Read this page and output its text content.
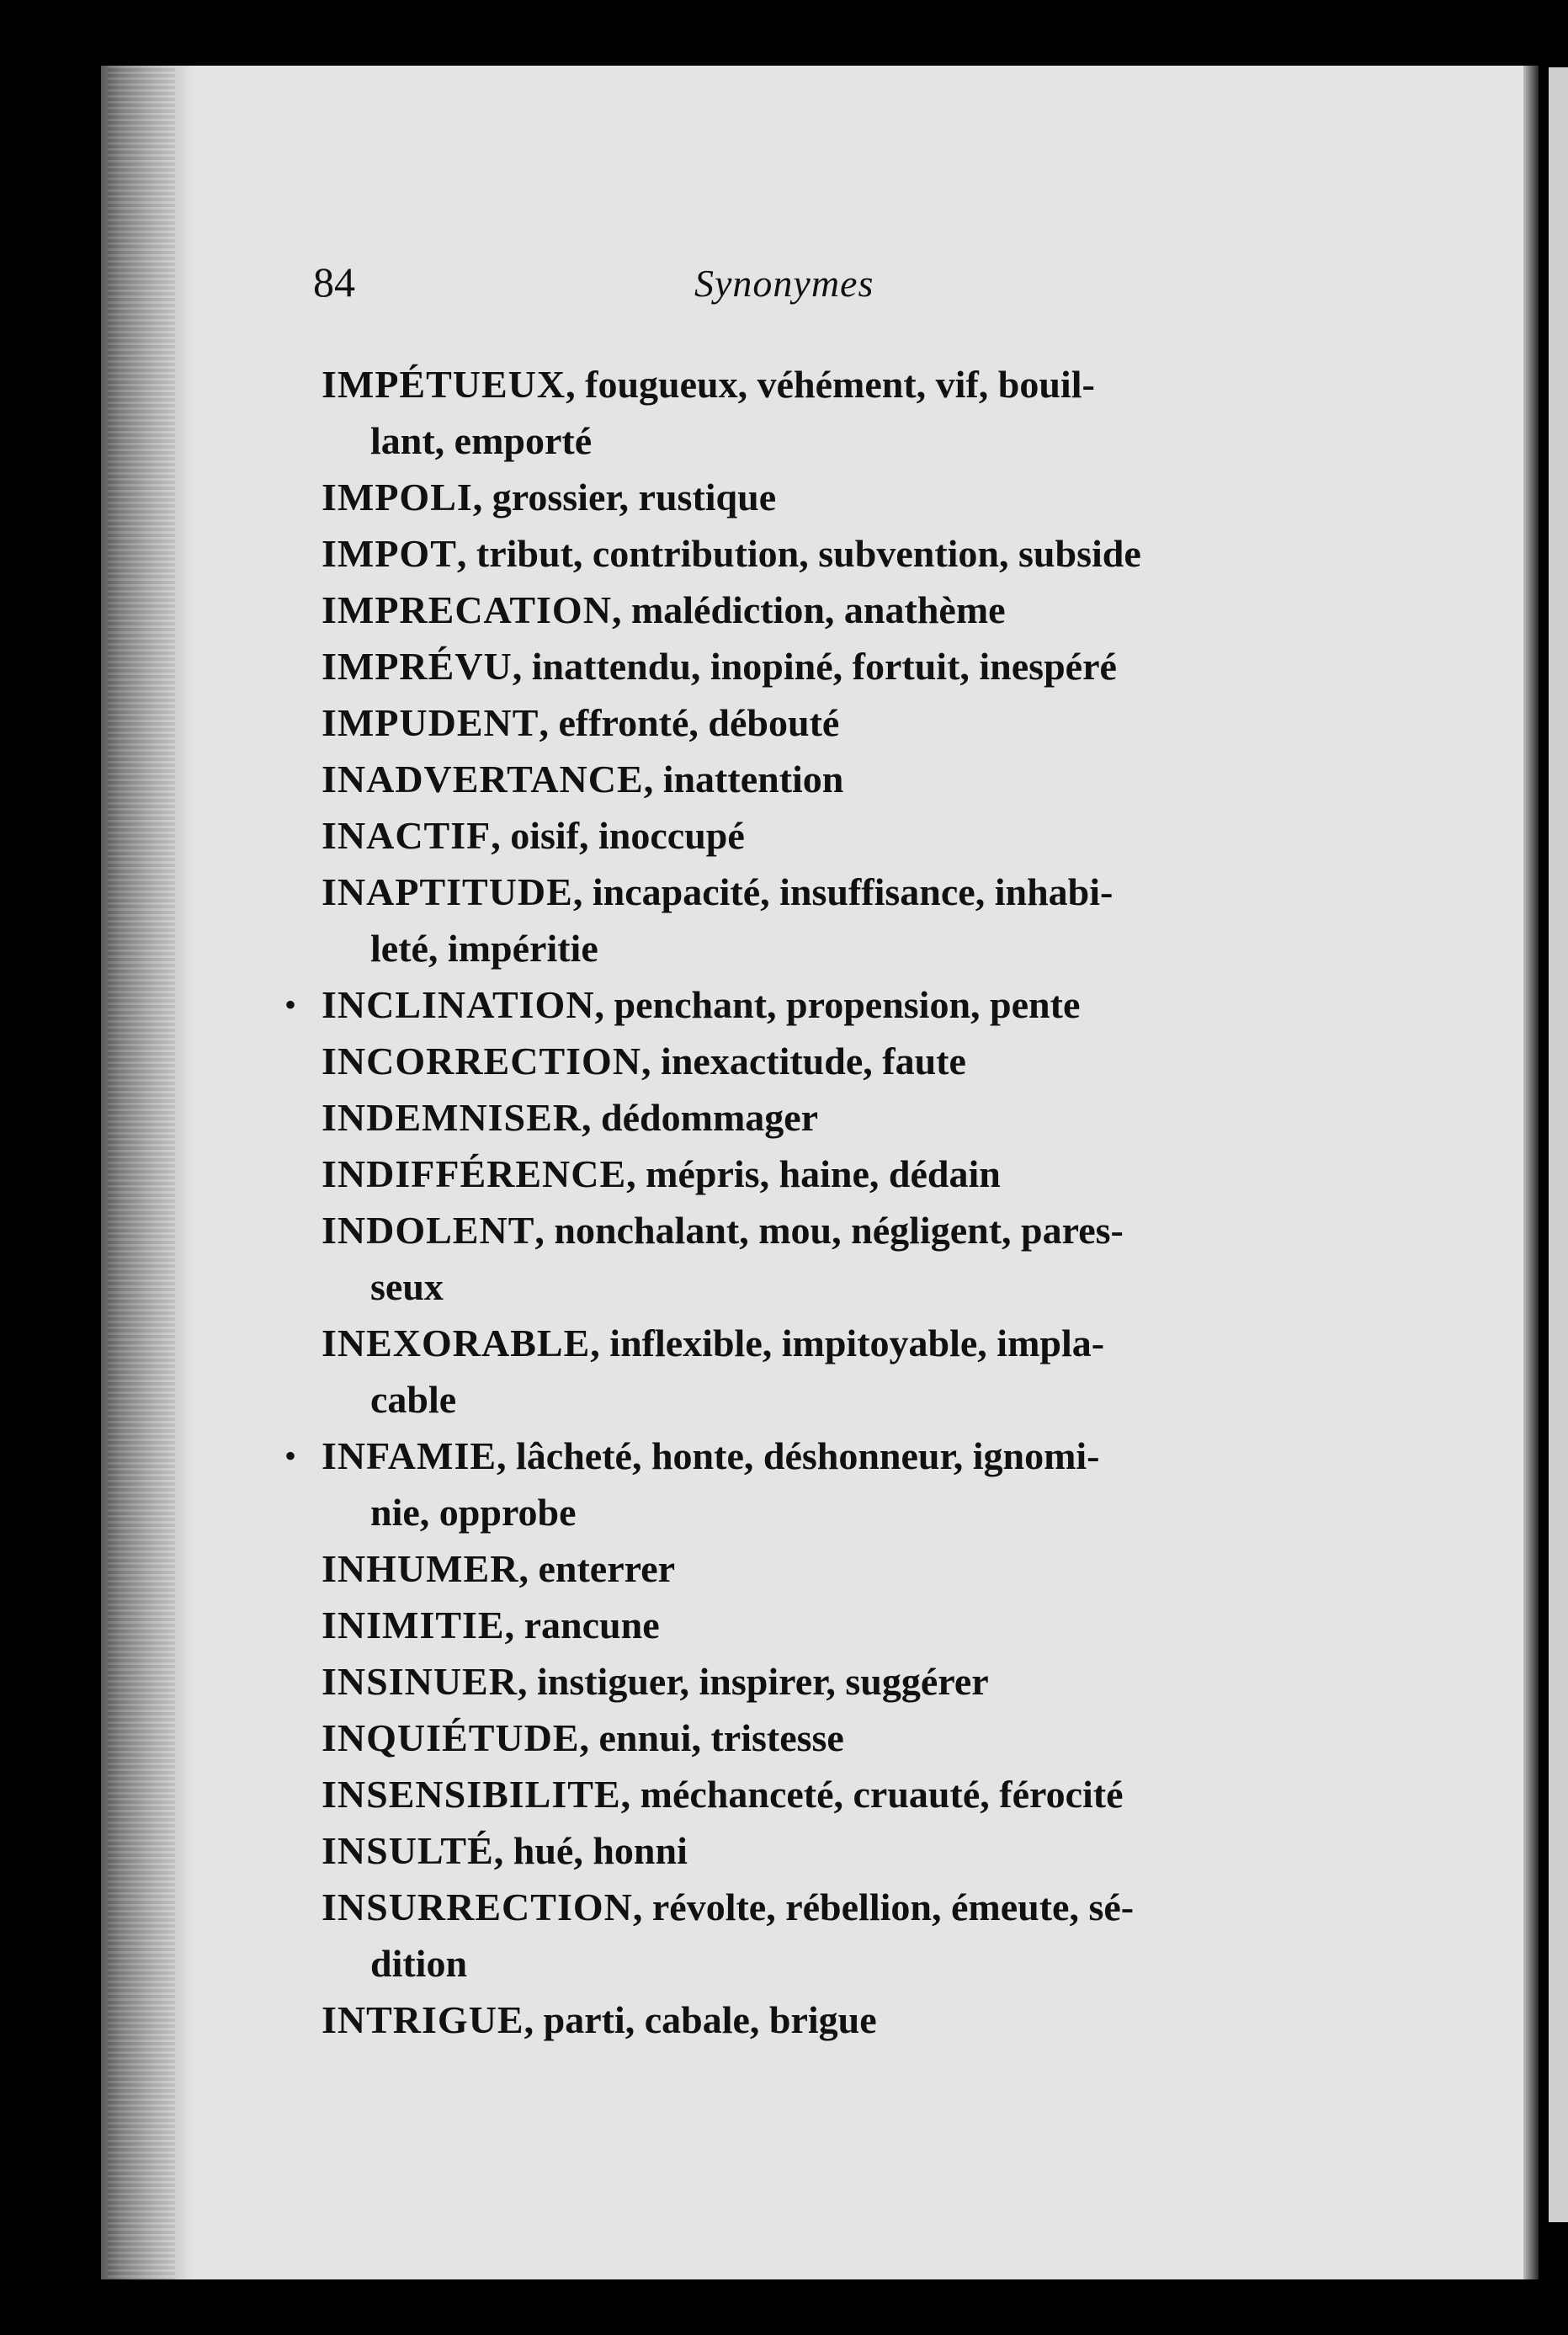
84	Synonymes
IMPÉTUEUX, fougueux, véhément, vif, bouil-
lant, emporté
IMPOLI, grossier, rustique
IMPOT, tribut, contribution, subvention, subside
IMPRECATION, malédiction, anathème
IMPRÉVU, inattendu, inopiné, fortuit, inespéré
IMPUDENT, effronté, débouté
INADVERTANCE, inattention
INACTIF, oisif, inoccupé
INAPTITUDE, incapacité, insuffisance, inhabi-
leté, impéritie
• INCLINATION, penchant, propension, pente
INCORRECTION, inexactitude, faute
INDEMNISER, dédommager
INDIFFÉRENCE, mépris, haine, dédain
INDOLENT, nonchalant, mou, négligent, pares-
seux
INEXORABLE, inflexible, impitoyable, impla-
cable
• INFAMIE, lâcheté, honte, déshonneur, ignomi-
nie, opprobe
INHUMER, enterrer
INIMITIE, rancune
INSINUER, instiguer, inspirer, suggérer
INQUIÉTUDE, ennui, tristesse
INSENSIBILITE, méchanceté, cruauté, férocité
INSULTÉ, hué, honni
INSURRECTION, révolte, rébellion, émeute, sé-
dition
INTRIGUE, parti, cabale, brigue
